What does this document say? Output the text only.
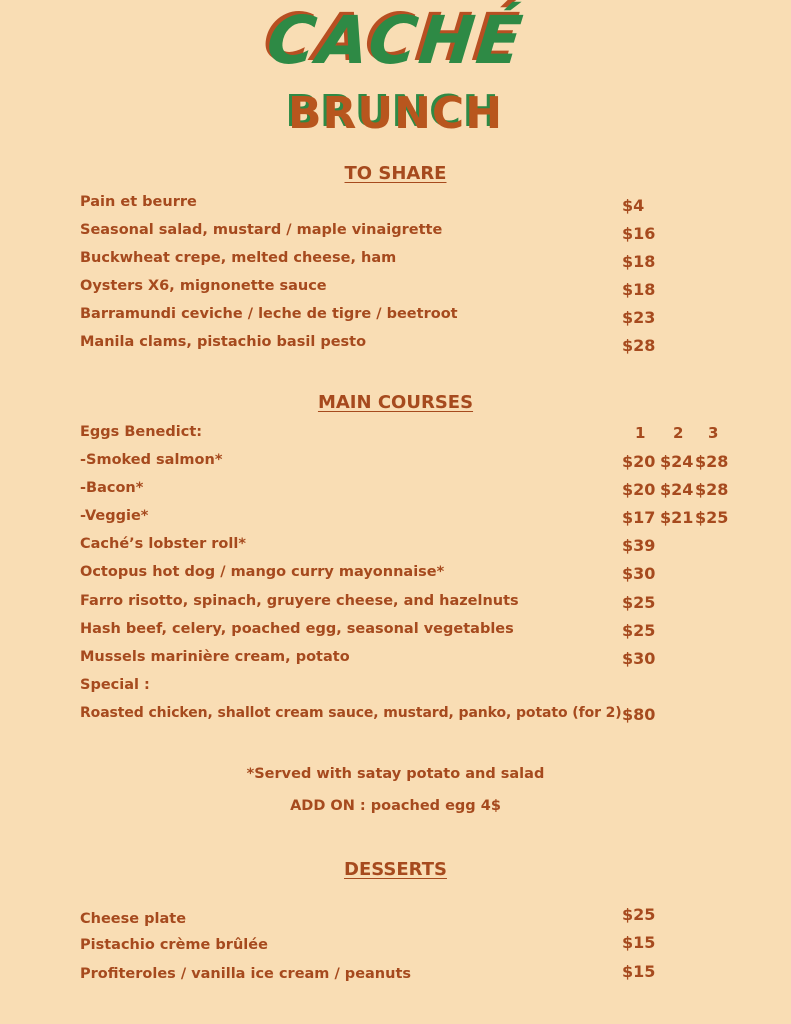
CACHÉ
BRUNCH
TO SHARE
Pain et beurre	$4
Seasonal salad, mustard / maple vinaigrette	$16
Buckwheat crepe, melted cheese, ham	$18
Oysters X6, mignonette sauce	$18
Barramundi ceviche / leche de tigre / beetroot	$23
Manila clams, pistachio basil pesto	$28
MAIN COURSES
Eggs Benedict:	1 2 3
-Smoked salmon*	$20 $24 $28
-Bacon*	$20 $24 $28
-Veggie*	$17 $21 $25
Caché’s lobster roll*	$39
Octopus hot dog / mango curry mayonnaise*	$30
Farro risotto, spinach, gruyere cheese, and hazelnuts	$25
Hash beef, celery, poached egg, seasonal vegetables	$25
Mussels marinière cream, potato	$30
Special :
Roasted chicken, shallot cream sauce, mustard, panko, potato (for 2) $80
*Served with satay potato and salad
ADD ON : poached egg 4$
DESSERTS
Cheese plate	$25
Pistachio crème brûlée	$15
Profiteroles / vanilla ice cream / peanuts	$15
